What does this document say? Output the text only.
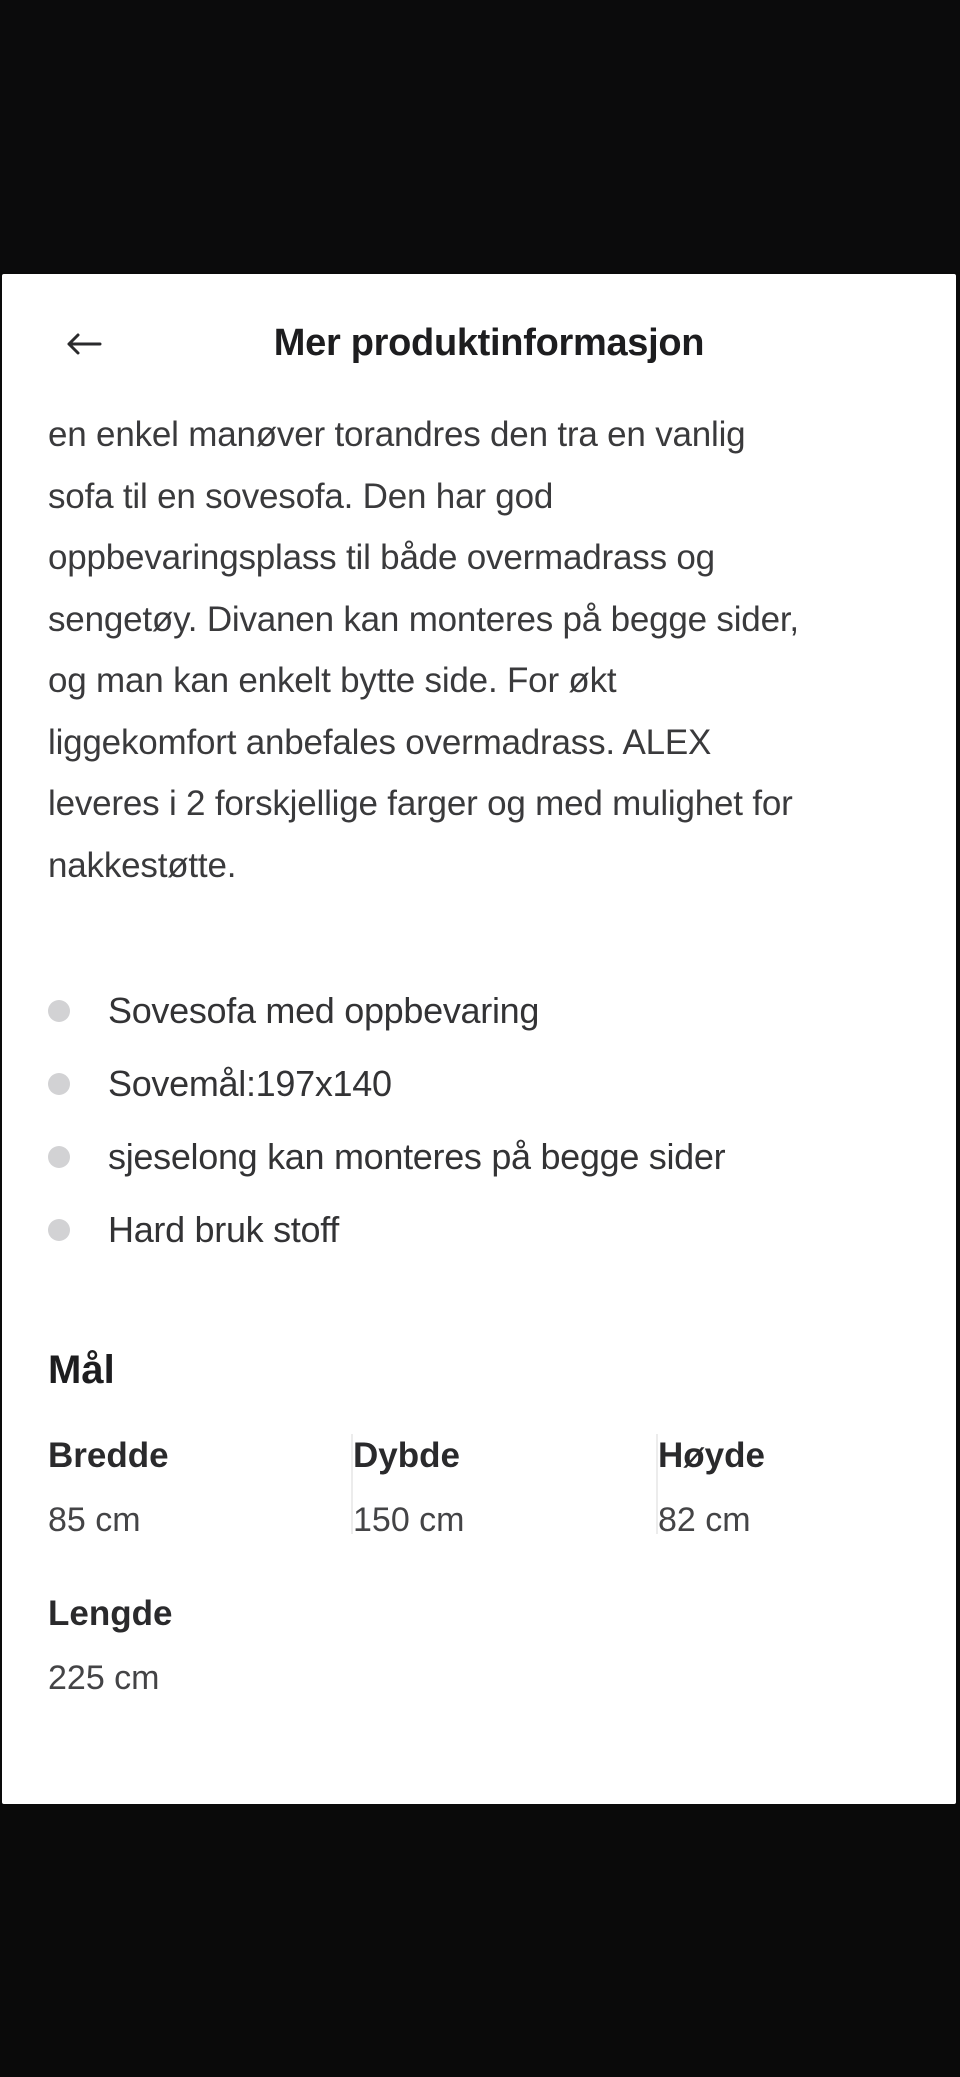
Mer produktinformasjon
en enkel manøver torandres den tra en vanlig
sofa til en sovesofa. Den har god
oppbevaringsplass til både overmadrass og
sengetøy. Divanen kan monteres på begge sider,
og man kan enkelt bytte side. For økt
liggekomfort anbefales overmadrass. ALEX
leveres i 2 forskjellige farger og med mulighet for
nakkestøtte.
Sovesofa med oppbevaring
Sovemål:197x140
sjeselong kan monteres på begge sider
Hard bruk stoff
Mål
Bredde
85 cm
Dybde
150 cm
Høyde
82 cm
Lengde
225 cm
